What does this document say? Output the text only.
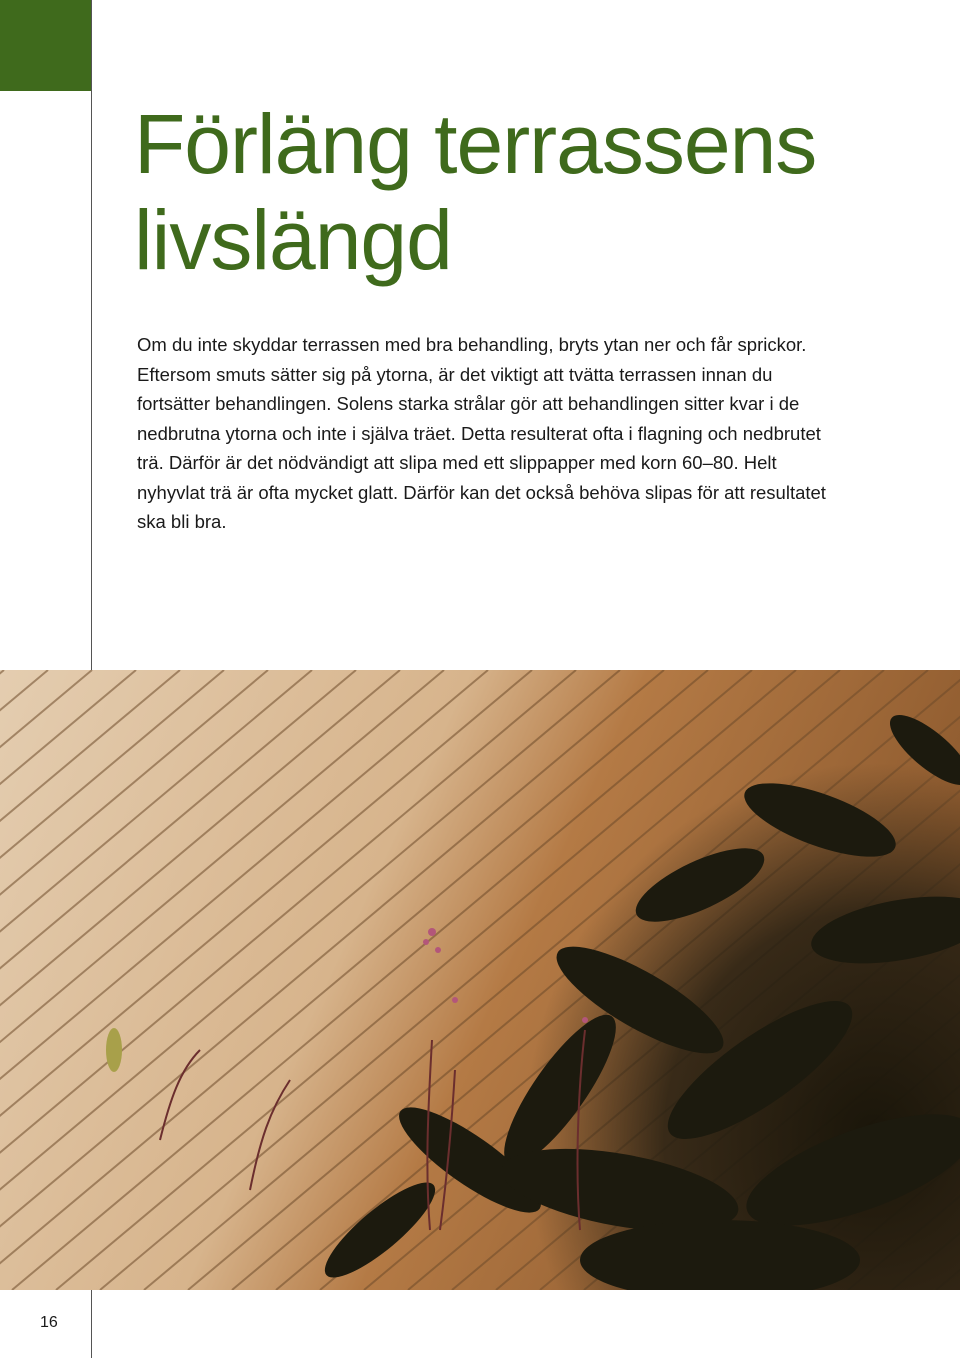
Förläng terrassens
livslängd

Om du inte skyddar terrassen med bra behandling, bryts ytan ner och får sprickor. Eftersom smuts sätter sig på ytorna, är det viktigt att tvätta terrassen innan du fortsätter behandlingen. Solens starka strålar gör att behandlingen sitter kvar i de nedbrutna ytorna och inte i själva träet. Detta resulterat ofta i flagning och nedbrutet trä. Därför är det nödvändigt att slipa med ett slippapper med korn 60–80. Helt nyhyvlat trä är ofta mycket glatt. Därför kan det också behöva slipas för att resultatet ska bli bra.

16
